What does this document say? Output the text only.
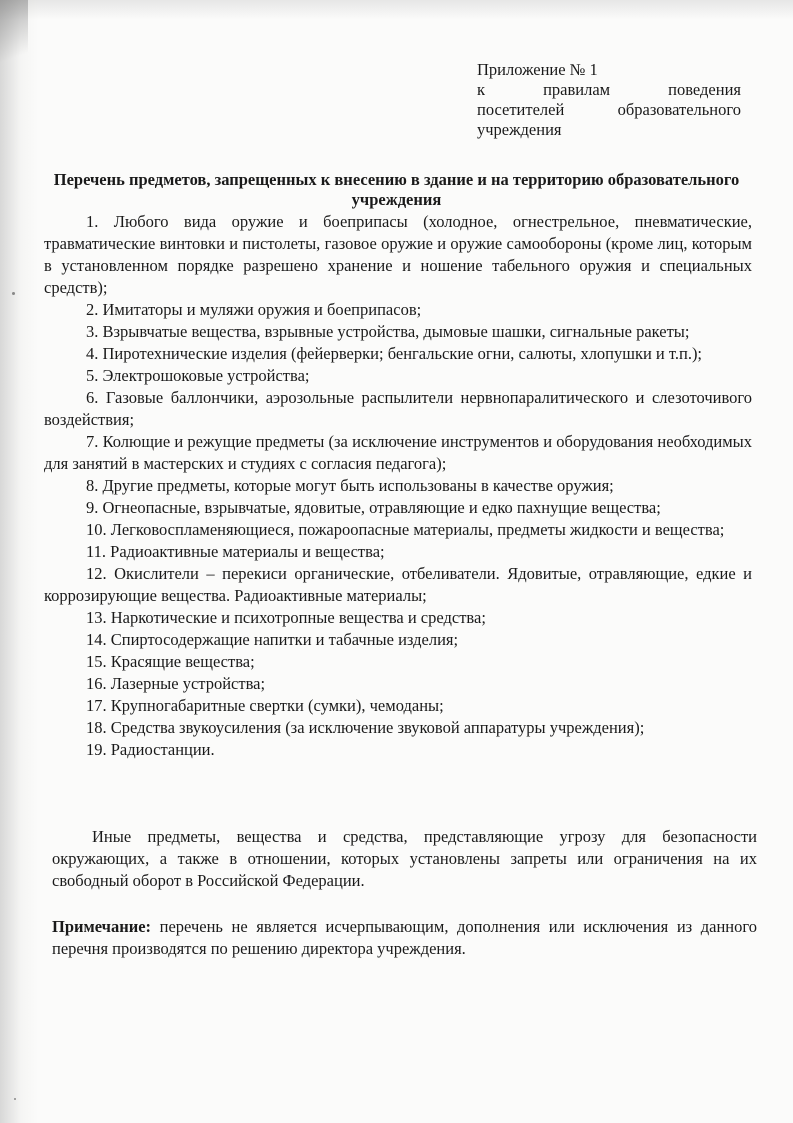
Приложение № 1
к правилам поведения
посетителей образовательного
учреждения
Перечень предметов, запрещенных к внесению в здание и на территорию образовательного учреждения

1. Любого вида оружие и боеприпасы (холодное, огнестрельное, пневматические, травматические винтовки и пистолеты, газовое оружие и оружие самообороны (кроме лиц, которым в установленном порядке разрешено хранение и ношение табельного оружия и специальных средств);

2. Имитаторы и муляжи оружия и боеприпасов;

3. Взрывчатые вещества, взрывные устройства, дымовые шашки, сигнальные ракеты;

4. Пиротехнические изделия (фейерверки; бенгальские огни, салюты, хлопушки и т.п.);

5. Электрошоковые устройства;

6. Газовые баллончики, аэрозольные распылители нервнопаралитического и слезоточивого воздействия;

7. Колющие и режущие предметы (за исключение инструментов и оборудования необходимых для занятий в мастерских и студиях с согласия педагога);

8. Другие предметы, которые могут быть использованы в качестве оружия;

9. Огнеопасные, взрывчатые, ядовитые, отравляющие и едко пахнущие вещества;

10. Легковоспламеняющиеся, пожароопасные материалы, предметы жидкости и вещества;

11. Радиоактивные материалы и вещества;

12. Окислители – перекиси органические, отбеливатели. Ядовитые, отравляющие, едкие и коррозирующие вещества. Радиоактивные материалы;

13. Наркотические и психотропные вещества и средства;

14. Спиртосодержащие напитки и табачные изделия;

15. Красящие вещества;

16. Лазерные устройства;

17. Крупногабаритные свертки (сумки), чемоданы;

18. Средства звукоусиления (за исключение звуковой аппаратуры учреждения);

19. Радиостанции.

Иные предметы, вещества и средства, представляющие угрозу для безопасности окружающих, а также в отношении, которых установлены запреты или ограничения на их свободный оборот в Российской Федерации.

Примечание: перечень не является исчерпывающим, дополнения или исключения из данного перечня производятся по решению директора учреждения.
